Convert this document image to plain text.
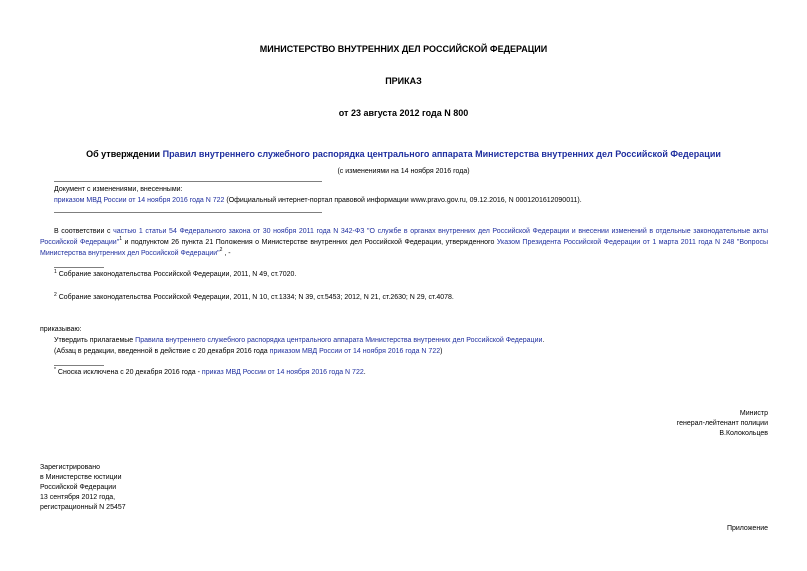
МИНИСТЕРСТВО ВНУТРЕННИХ ДЕЛ РОССИЙСКОЙ ФЕДЕРАЦИИ
ПРИКАЗ
от 23 августа 2012 года N 800
Об утверждении Правил внутреннего служебного распорядка центрального аппарата Министерства внутренних дел Российской Федерации
(с изменениями на 14 ноября 2016 года)
Документ с изменениями, внесенными:
приказом МВД России от 14 ноября 2016 года N 722 (Официальный интернет-портал правовой информации www.pravo.gov.ru, 09.12.2016, N 0001201612090011).
В соответствии с частью 1 статьи 54 Федерального закона от 30 ноября 2011 года N 342-ФЗ "О службе в органах внутренних дел Российской Федерации и внесении изменений в отдельные законодательные акты Российской Федерации"$^1$ и подпунктом 26 пункта 21 Положения о Министерстве внутренних дел Российской Федерации, утвержденного Указом Президента Российской Федерации от 1 марта 2011 года N 248 "Вопросы Министерства внутренних дел Российской Федерации"$^2$ , -
$^1$ Собрание законодательства Российской Федерации, 2011, N 49, ст.7020.
$^2$ Собрание законодательства Российской Федерации, 2011, N 10, ст.1334; N 39, ст.5453; 2012, N 21, ст.2630; N 29, ст.4078.
приказываю:
Утвердить прилагаемые Правила внутреннего служебного распорядка центрального аппарата Министерства внутренних дел Российской Федерации.
(Абзац в редакции, введенной в действие с 20 декабря 2016 года приказом МВД России от 14 ноября 2016 года N 722)
* Сноска исключена с 20 декабря 2016 года - приказ МВД России от 14 ноября 2016 года N 722.
Министр
генерал-лейтенант полиции
В.Колокольцев
Зарегистрировано
в Министерстве юстиции
Российской Федерации
13 сентября 2012 года,
регистрационный N 25457
Приложение
